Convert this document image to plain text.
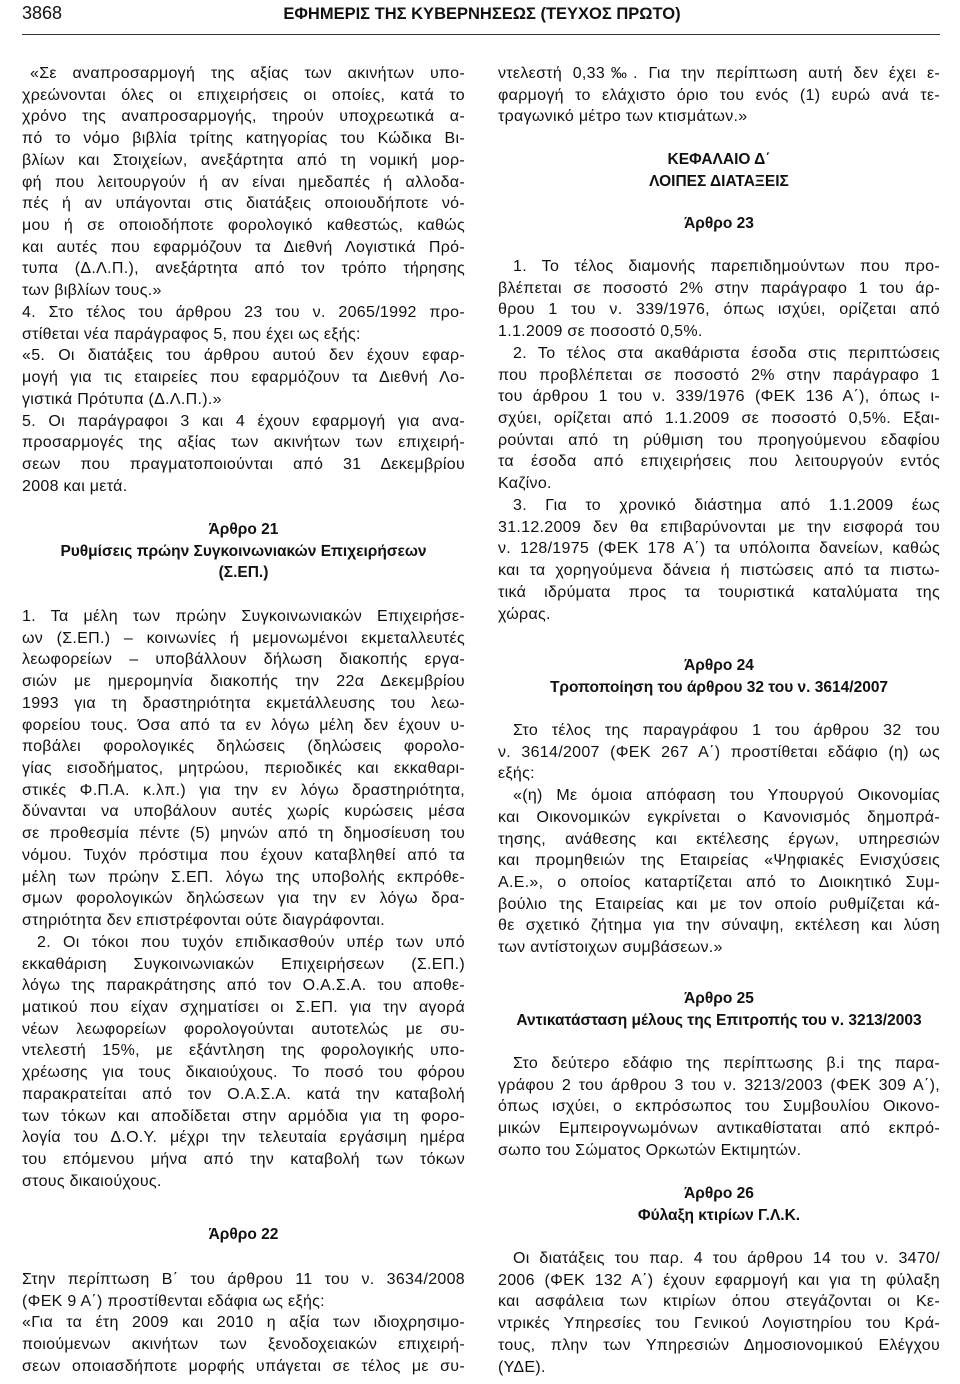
3868	ΕΦΗΜΕΡΙΣ ΤΗΣ ΚΥΒΕΡΝΗΣΕΩΣ (ΤΕΥΧΟΣ ΠΡΩΤΟ)
«Σε αναπροσαρμογή της αξίας των ακινήτων υπο-
χρεώνονται όλες οι επιχειρήσεις οι οποίες, κατά το
χρόνο της αναπροσαρμογής, τηρούν υποχρεωτικά α-
πό το νόμο βιβλία τρίτης κατηγορίας του Κώδικα Βι-
βλίων και Στοιχείων, ανεξάρτητα από τη νομική μορ-
φή που λειτουργούν ή αν είναι ημεδαπές ή αλλοδα-
πές ή αν υπάγονται στις διατάξεις οποιουδήποτε νό-
μου ή σε οποιοδήποτε φορολογικό καθεστώς, καθώς
και αυτές που εφαρμόζουν τα Διεθνή Λογιστικά Πρό-
τυπα (Δ.Λ.Π.), ανεξάρτητα από τον τρόπο τήρησης
των βιβλίων τους.»
4. Στο τέλος του άρθρου 23 του ν. 2065/1992 προ-
στίθεται νέα παράγραφος 5, που έχει ως εξής:
«5. Οι διατάξεις του άρθρου αυτού δεν έχουν εφαρ-
μογή για τις εταιρείες που εφαρμόζουν τα Διεθνή Λο-
γιστικά Πρότυπα (Δ.Λ.Π.).»
5. Οι παράγραφοι 3 και 4 έχουν εφαρμογή για ανα-
προσαρμογές της αξίας των ακινήτων των επιχειρή-
σεων που πραγματοποιούνται από 31 Δεκεμβρίου
2008 και μετά.
Άρθρο 21
Ρυθμίσεις πρώην Συγκοινωνιακών Επιχειρήσεων
(Σ.ΕΠ.)
1. Τα μέλη των πρώην Συγκοινωνιακών Επιχειρήσε-
ων (Σ.ΕΠ.) – κοινωνίες ή μεμονωμένοι εκμεταλλευτές
λεωφορείων – υποβάλλουν δήλωση διακοπής εργα-
σιών με ημερομηνία διακοπής την 22α Δεκεμβρίου
1993 για τη δραστηριότητα εκμετάλλευσης του λεω-
φορείου τους. Όσα από τα εν λόγω μέλη δεν έχουν υ-
ποβάλει φορολογικές δηλώσεις (δηλώσεις φορολο-
γίας εισοδήματος, μητρώου, περιοδικές και εκκαθαρι-
στικές Φ.Π.Α. κ.λπ.) για την εν λόγω δραστηριότητα,
δύνανται να υποβάλουν αυτές χωρίς κυρώσεις μέσα
σε προθεσμία πέντε (5) μηνών από τη δημοσίευση του
νόμου. Τυχόν πρόστιμα που έχουν καταβληθεί από τα
μέλη των πρώην Σ.ΕΠ. λόγω της υποβολής εκπρόθε-
σμων φορολογικών δηλώσεων για την εν λόγω δρα-
στηριότητα δεν επιστρέφονται ούτε διαγράφονται.
2. Οι τόκοι που τυχόν επιδικασθούν υπέρ των υπό
εκκαθάριση Συγκοινωνιακών Επιχειρήσεων (Σ.ΕΠ.)
λόγω της παρακράτησης από τον Ο.Α.Σ.Α. του αποθε-
ματικού που είχαν σχηματίσει οι Σ.ΕΠ. για την αγορά
νέων λεωφορείων φορολογούνται αυτοτελώς με συ-
ντελεστή 15%, με εξάντληση της φορολογικής υπο-
χρέωσης για τους δικαιούχους. Το ποσό του φόρου
παρακρατείται από τον Ο.Α.Σ.Α. κατά την καταβολή
των τόκων και αποδίδεται στην αρμόδια για τη φορο-
λογία του Δ.Ο.Υ. μέχρι την τελευταία εργάσιμη ημέρα
του επόμενου μήνα από την καταβολή των τόκων
στους δικαιούχους.
Άρθρο 22
Στην περίπτωση Β΄ του άρθρου 11 του ν. 3634/2008
(ΦΕΚ 9 Α΄) προστίθενται εδάφια ως εξής:
«Για τα έτη 2009 και 2010 η αξία των ιδιοχρησιμο-
ποιούμενων ακινήτων των ξενοδοχειακών επιχειρή-
σεων οποιασδήποτε μορφής υπάγεται σε τέλος με συ-
ντελεστή 0,33‰. Για την περίπτωση αυτή δεν έχει ε-
φαρμογή το ελάχιστο όριο του ενός (1) ευρώ ανά τε-
τραγωνικό μέτρο των κτισμάτων.»
ΚΕΦΑΛΑΙΟ Δ΄
ΛΟΙΠΕΣ ΔΙΑΤΑΞΕΙΣ
Άρθρο 23
1. Το τέλος διαμονής παρεπιδημούντων που προ-
βλέπεται σε ποσοστό 2% στην παράγραφο 1 του άρ-
θρου 1 του ν. 339/1976, όπως ισχύει, ορίζεται από
1.1.2009 σε ποσοστό 0,5%.
2. Το τέλος στα ακαθάριστα έσοδα στις περιπτώσεις
που προβλέπεται σε ποσοστό 2% στην παράγραφο 1
του άρθρου 1 του ν. 339/1976 (ΦΕΚ 136 Α΄), όπως ι-
σχύει, ορίζεται από 1.1.2009 σε ποσοστό 0,5%. Εξαι-
ρούνται από τη ρύθμιση του προηγούμενου εδαφίου
τα έσοδα από επιχειρήσεις που λειτουργούν εντός
Καζίνο.
3. Για το χρονικό διάστημα από 1.1.2009 έως
31.12.2009 δεν θα επιβαρύνονται με την εισφορά του
ν. 128/1975 (ΦΕΚ 178 Α΄) τα υπόλοιπα δανείων, καθώς
και τα χορηγούμενα δάνεια ή πιστώσεις από τα πιστω-
τικά ιδρύματα προς τα τουριστικά καταλύματα της
χώρας.
Άρθρο 24
Τροποποίηση του άρθρου 32 του ν. 3614/2007
Στο τέλος της παραγράφου 1 του άρθρου 32 του
ν. 3614/2007 (ΦΕΚ 267 Α΄) προστίθεται εδάφιο (η) ως
εξής:
«(η) Με όμοια απόφαση του Υπουργού Οικονομίας
και Οικονομικών εγκρίνεται ο Κανονισμός δημοπρά-
τησης, ανάθεσης και εκτέλεσης έργων, υπηρεσιών
και προμηθειών της Εταιρείας «Ψηφιακές Ενισχύσεις
Α.Ε.», ο οποίος καταρτίζεται από το Διοικητικό Συμ-
βούλιο της Εταιρείας και με τον οποίο ρυθμίζεται κά-
θε σχετικό ζήτημα για την σύναψη, εκτέλεση και λύση
των αντίστοιχων συμβάσεων.»
Άρθρο 25
Αντικατάσταση μέλους της Επιτροπής του ν. 3213/2003
Στο δεύτερο εδάφιο της περίπτωσης β.i της παρα-
γράφου 2 του άρθρου 3 του ν. 3213/2003 (ΦΕΚ 309 Α΄),
όπως ισχύει, ο εκπρόσωπος του Συμβουλίου Οικονο-
μικών Εμπειρογνωμόνων αντικαθίσταται από εκπρό-
σωπο του Σώματος Ορκωτών Εκτιμητών.
Άρθρο 26
Φύλαξη κτιρίων Γ.Λ.Κ.
Οι διατάξεις του παρ. 4 του άρθρου 14 του ν. 3470/
2006 (ΦΕΚ 132 Α΄) έχουν εφαρμογή και για τη φύλαξη
και ασφάλεια των κτιρίων όπου στεγάζονται οι Κε-
ντρικές Υπηρεσίες του Γενικού Λογιστηρίου του Κρά-
τους, πλην των Υπηρεσιών Δημοσιονομικού Ελέγχου
(ΥΔΕ).
